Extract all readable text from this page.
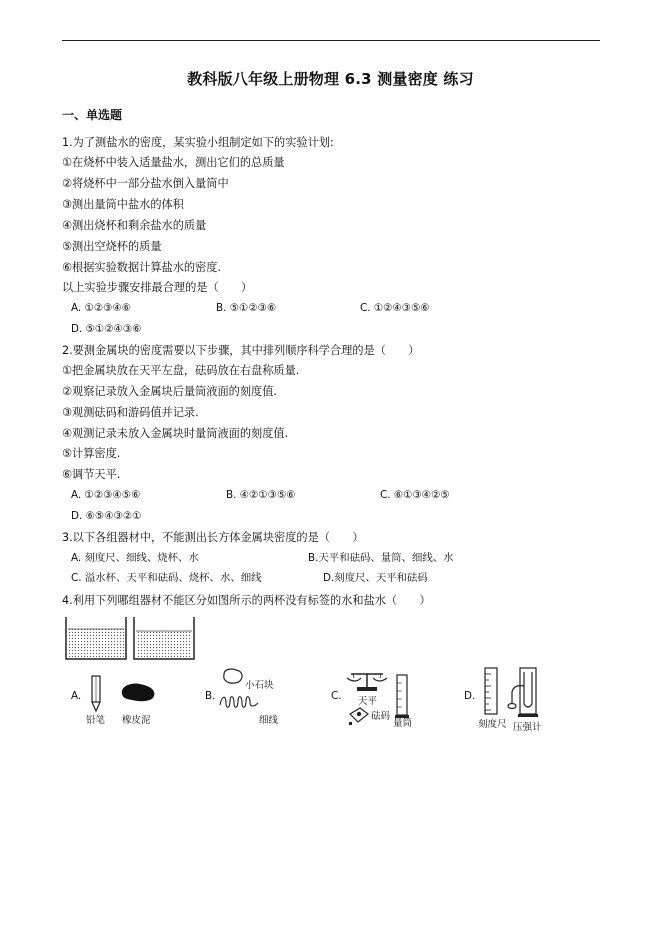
教科版八年级上册物理 6.3 测量密度 练习
一、单选题
1.为了测盐水的密度，某实验小组制定如下的实验计划:
①在烧杯中装入适量盐水，测出它们的总质量
②将烧杯中一部分盐水倒入量筒中
③测出量筒中盐水的体积
④测出烧杯和剩余盐水的质量
⑤测出空烧杯的质量
⑥根据实验数据计算盐水的密度.
以上实验步骤安排最合理的是（　　）
A. ①②③④⑥	B. ⑤①②③⑥	C. ①②④③⑤⑥
D. ⑤①②④③⑥
2.要测金属块的密度需要以下步骤，其中排列顺序科学合理的是（　　）
①把金属块放在天平左盘，砝码放在右盘称质量.
②观察记录放入金属块后量筒液面的刻度值.
③观测砝码和游码值并记录.
④观测记录未放入金属块时量筒液面的刻度值.
⑤计算密度.
⑥调节天平.
A. ①②③④⑤⑥	B. ④②①③⑤⑥	C. ⑥①③④②⑤
D. ⑥⑤④③②①
3.以下各组器材中，不能测出长方体金属块密度的是（　　）
A. 刻度尺、细线、烧杯、水	B.天平和砝码、量筒、细线、水
C. 溢水杯、天平和砝码、烧杯、水、细线	D.刻度尺、天平和砝码
4.利用下列哪组器材不能区分如图所示的两杯没有标签的水和盐水（　　）
A.
铅笔 橡皮泥
B.
小石块
细线
C. 天平
砝码
量筒
D.
刻度尺 压强计
